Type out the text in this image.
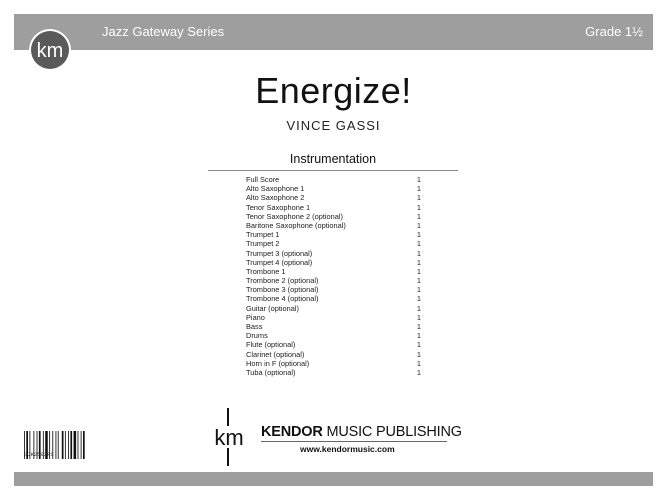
Jazz Gateway Series	Grade 1½
km
Energize!
VINCE GASSI
Instrumentation
Full Score	1
Alto Saxophone 1	1
Alto Saxophone 2	1
Tenor Saxophone 1	1
Tenor Saxophone 2 (optional)	1
Baritone Saxophone (optional)	1
Trumpet 1	1
Trumpet 2	1
Trumpet 3 (optional)	1
Trumpet 4 (optional)	1
Trombone 1	1
Trombone 2 (optional)	1
Trombone 3 (optional)	1
Trombone 4 (optional)	1
Guitar (optional)	1
Piano	1
Bass	1
Drums	1
Flute (optional)	1
Clarinet (optional)	1
Horn in F (optional)	1
Tuba (optional)	1
GJK2502FS
km KENDOR MUSIC PUBLISHING
www.kendormusic.com
